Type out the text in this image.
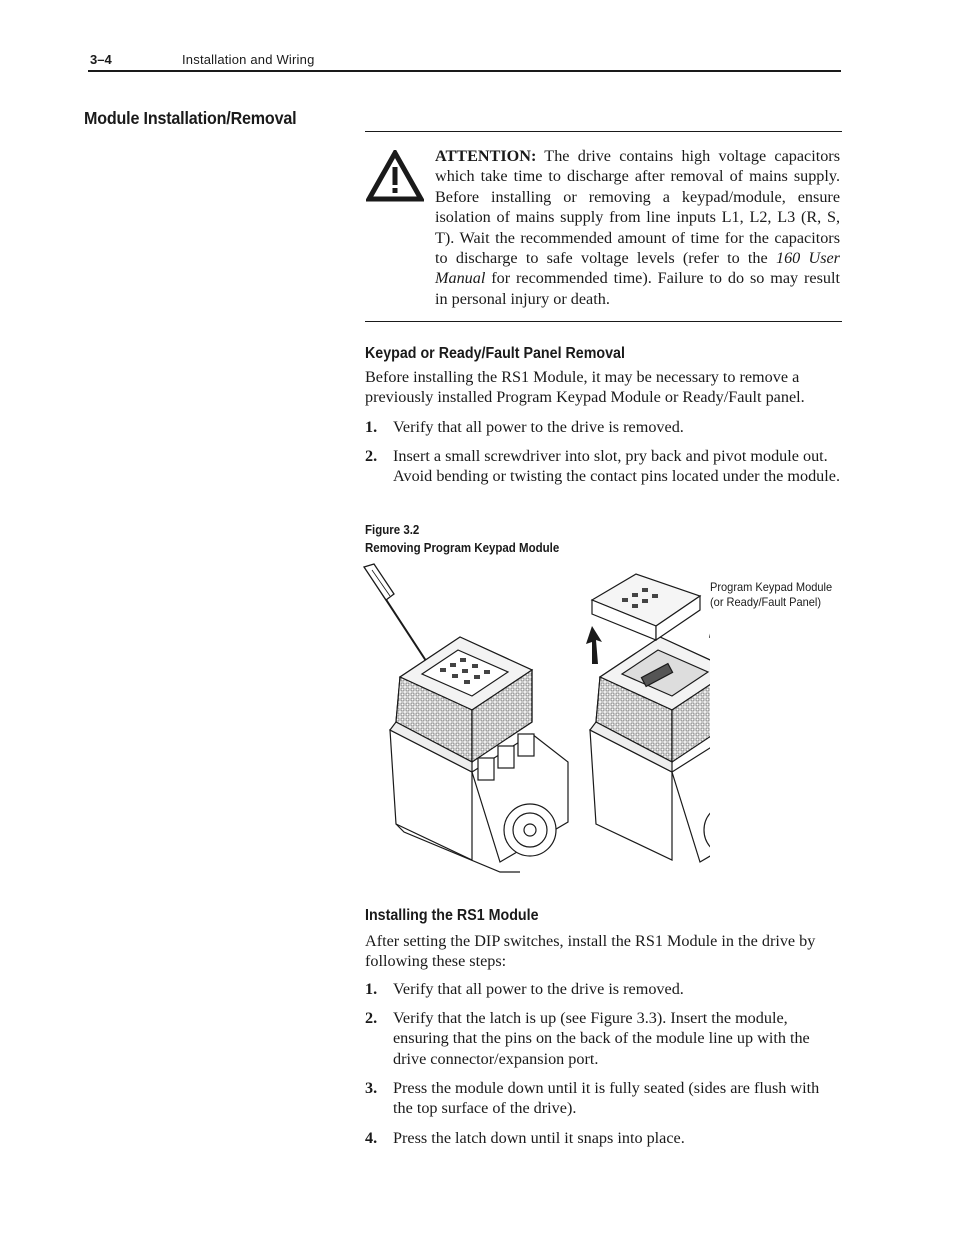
3–4	Installation and Wiring
Module Installation/Removal
ATTENTION: The drive contains high voltage capacitors which take time to discharge after removal of mains supply. Before installing or removing a keypad/module, ensure isolation of mains supply from line inputs L1, L2, L3 (R, S, T). Wait the recommended amount of time for the capacitors to discharge to safe voltage levels (refer to the 160 User Manual for recommended time). Failure to do so may result in personal injury or death.
Keypad or Ready/Fault Panel Removal
Before installing the RS1 Module, it may be necessary to remove a previously installed Program Keypad Module or Ready/Fault panel.
1. Verify that all power to the drive is removed.
2. Insert a small screwdriver into slot, pry back and pivot module out. Avoid bending or twisting the contact pins located under the module.
Figure 3.2
Removing Program Keypad Module
Program Keypad Module
(or Ready/Fault Panel)
Installing the RS1 Module
After setting the DIP switches, install the RS1 Module in the drive by following these steps:
1. Verify that all power to the drive is removed.
2. Verify that the latch is up (see Figure 3.3). Insert the module, ensuring that the pins on the back of the module line up with the drive connector/expansion port.
3. Press the module down until it is fully seated (sides are flush with the top surface of the drive).
4. Press the latch down until it snaps into place.
